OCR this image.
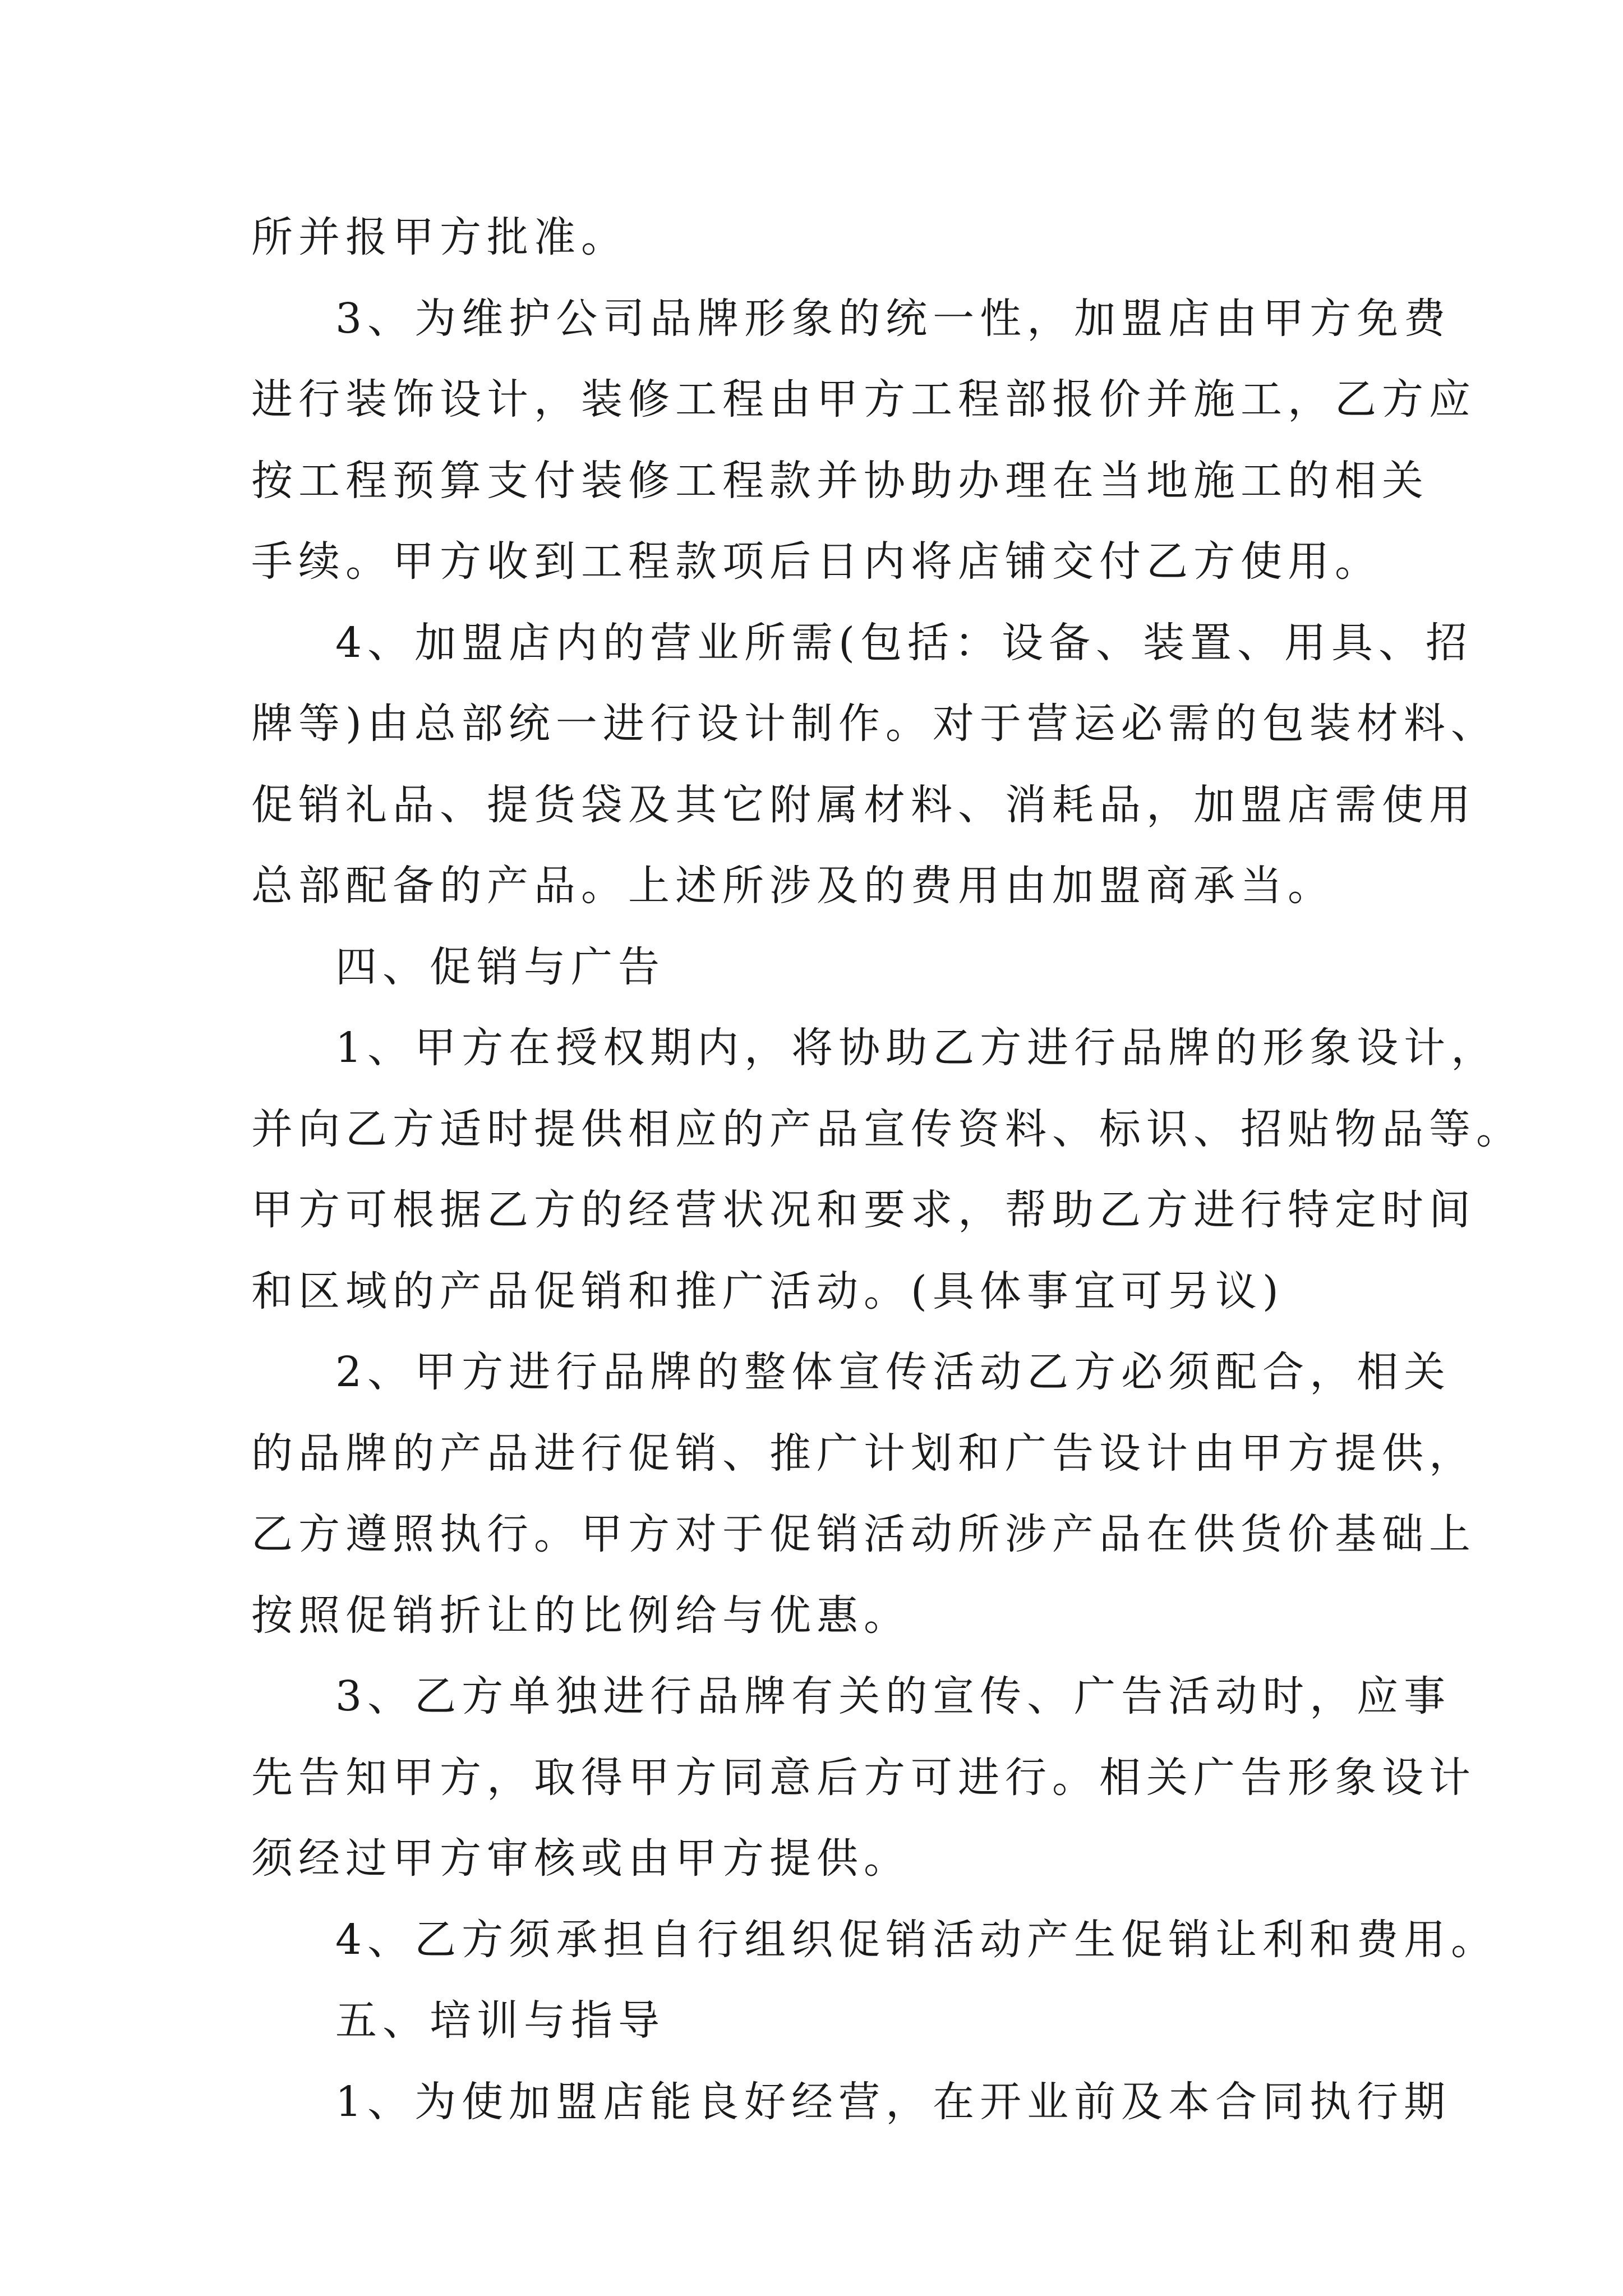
所并报甲方批准。

3、为维护公司品牌形象的统一性，加盟店由甲方免费

进行装饰设计，装修工程由甲方工程部报价并施工，乙方应

按工程预算支付装修工程款并协助办理在当地施工的相关

手续。甲方收到工程款项后日内将店铺交付乙方使用。

4、加盟店内的营业所需(包括：设备、装置、用具、招

牌等)由总部统一进行设计制作。对于营运必需的包装材料、

促销礼品、提货袋及其它附属材料、消耗品，加盟店需使用

总部配备的产品。上述所涉及的费用由加盟商承当。

四、促销与广告

1、甲方在授权期内，将协助乙方进行品牌的形象设计，

并向乙方适时提供相应的产品宣传资料、标识、招贴物品等。

甲方可根据乙方的经营状况和要求，帮助乙方进行特定时间

和区域的产品促销和推广活动。(具体事宜可另议)

2、甲方进行品牌的整体宣传活动乙方必须配合，相关

的品牌的产品进行促销、推广计划和广告设计由甲方提供，

乙方遵照执行。甲方对于促销活动所涉产品在供货价基础上

按照促销折让的比例给与优惠。

3、乙方单独进行品牌有关的宣传、广告活动时，应事

先告知甲方，取得甲方同意后方可进行。相关广告形象设计

须经过甲方审核或由甲方提供。

4、乙方须承担自行组织促销活动产生促销让利和费用。

五、培训与指导

1、为使加盟店能良好经营，在开业前及本合同执行期
